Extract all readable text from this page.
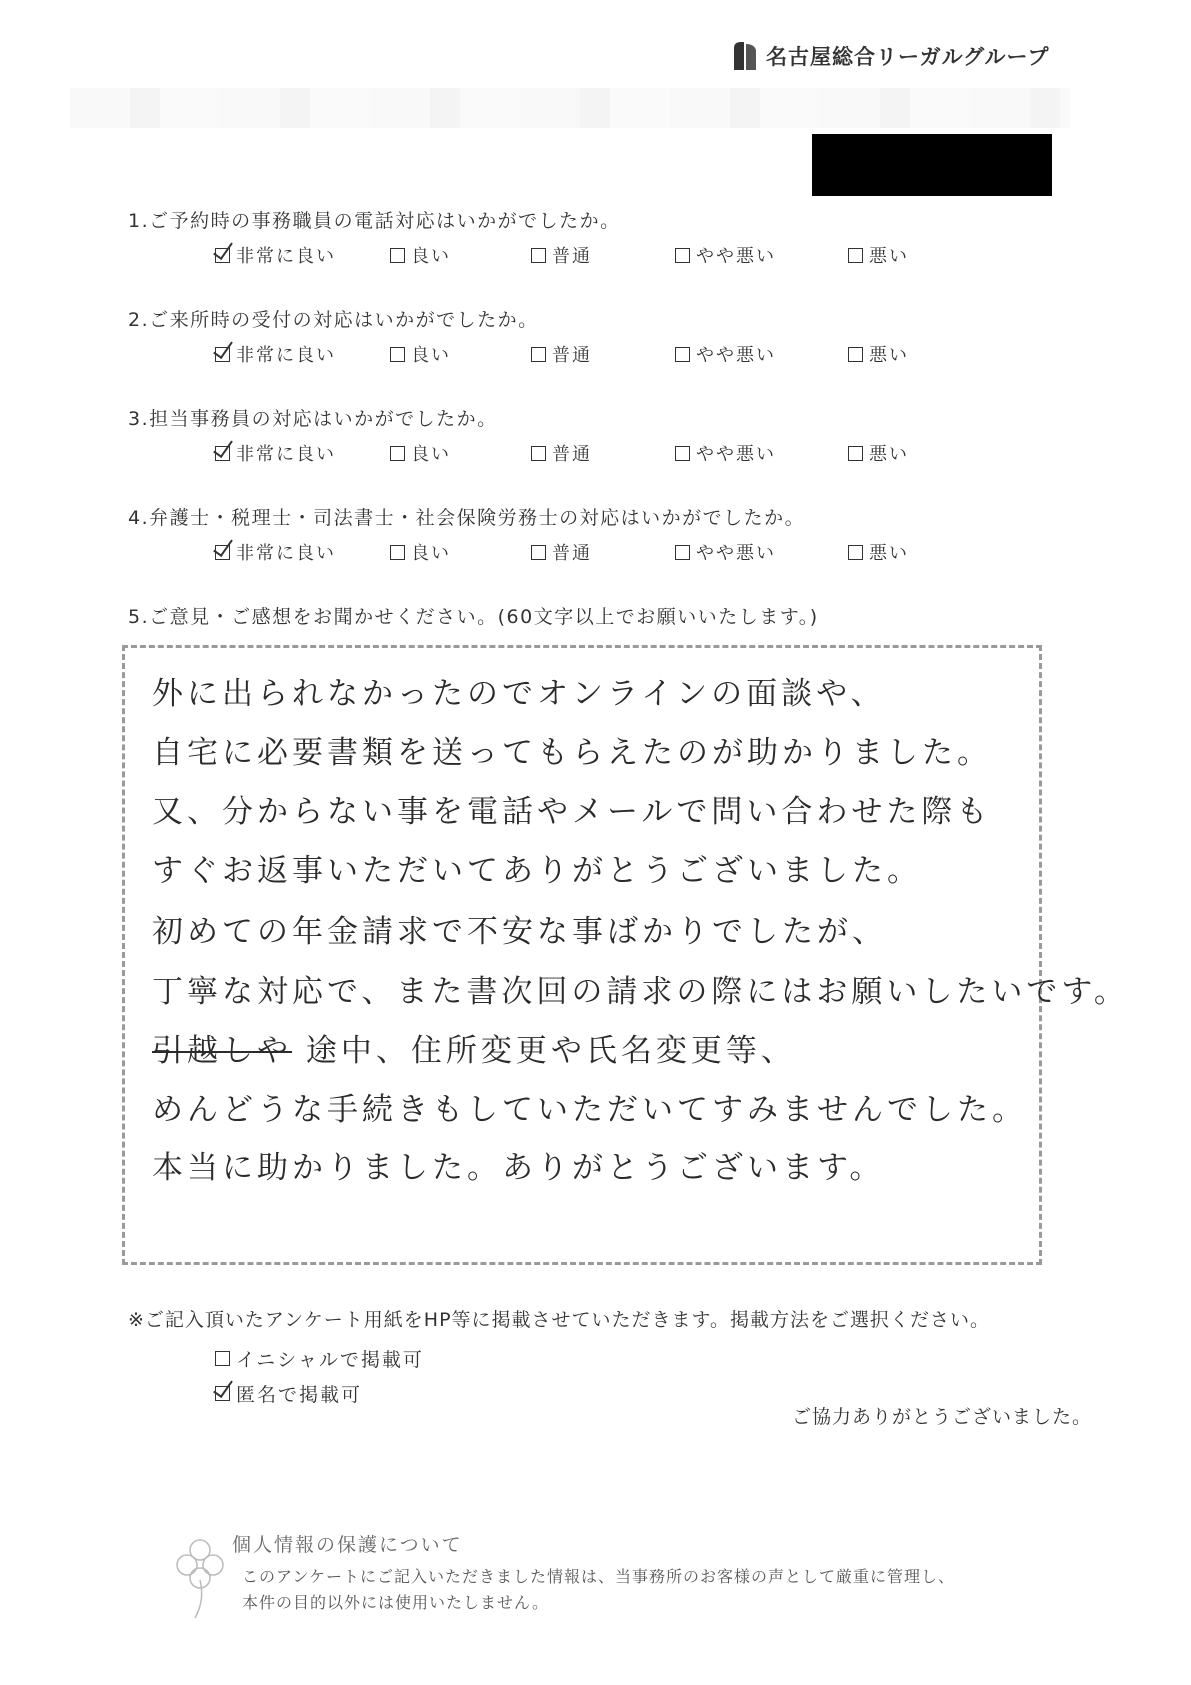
名古屋総合リーガルグループ
1.ご予約時の事務職員の電話対応はいかがでしたか。
非常に良い	良い	普通	やや悪い	悪い
2.ご来所時の受付の対応はいかがでしたか。
非常に良い	良い	普通	やや悪い	悪い
3.担当事務員の対応はいかがでしたか。
非常に良い	良い	普通	やや悪い	悪い
4.弁護士・税理士・司法書士・社会保険労務士の対応はいかがでしたか。
非常に良い	良い	普通	やや悪い	悪い
5.ご意見・ご感想をお聞かせください。(60文字以上でお願いいたします。)
外に出られなかったのでオンラインの面談や、
自宅に必要書類を送ってもらえたのが助かりました。
又、分からない事を電話やメールで問い合わせた際も
すぐお返事いただいてありがとうございました。
初めての年金請求で不安な事ばかりでしたが、
丁寧な対応で、また書次回の請求の際にはお願いしたいです。
引越しや 途中、住所変更や氏名変更等、
めんどうな手続きもしていただいてすみませんでした。
本当に助かりました。ありがとうございます。
※ご記入頂いたアンケート用紙をHP等に掲載させていただきます。掲載方法をご選択ください。
イニシャルで掲載可
匿名で掲載可
ご協力ありがとうございました。
個人情報の保護について
このアンケートにご記入いただきました情報は、当事務所のお客様の声として厳重に管理し、
本件の目的以外には使用いたしません。
